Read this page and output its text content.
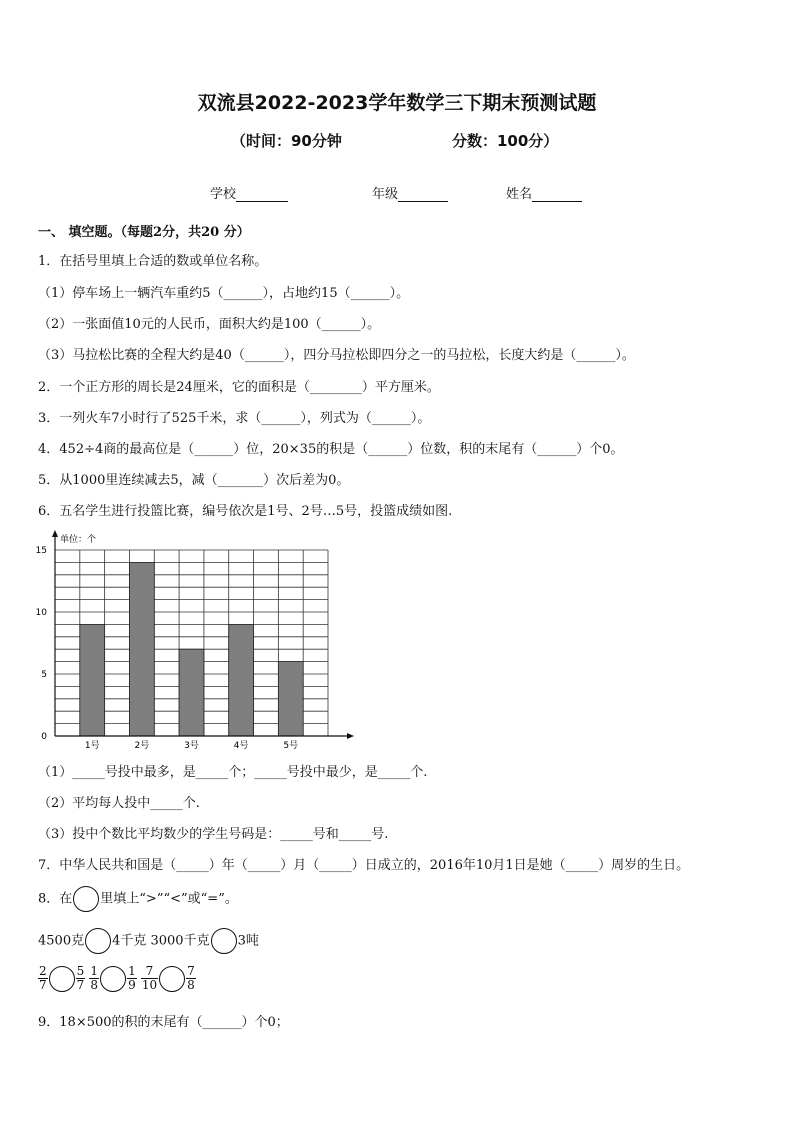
双流县2022-2023学年数学三下期末预测试题
（时间：90分钟	分数：100分）
学校	年级	姓名
一、 填空题。（每题2分，共20 分）
1．在括号里填上合适的数或单位名称。
（1）停车场上一辆汽车重约5（______），占地约15（______）。
（2）一张面值10元的人民币，面积大约是100（______）。
（3）马拉松比赛的全程大约是40（______），四分马拉松即四分之一的马拉松，长度大约是（______）。
2．一个正方形的周长是24厘米，它的面积是（________）平方厘米。
3．一列火车7小时行了525千米，求（______），列式为（______）。
4．452÷4商的最高位是（______）位，20×35的积是（______）位数，积的末尾有（______）个0。
5．从1000里连续减去5，减（_______）次后差为0。
6．五名学生进行投篮比赛，编号依次是1号、2号…5号，投篮成绩如图.
1号	2号	3号	4号	5号
0
5
10
15
单位：个
（1）_____号投中最多，是_____个；_____号投中最少，是_____个.
（2）平均每人投中_____个.
（3）投中个数比平均数少的学生号码是：_____号和_____号.
7．中华人民共和国是（_____）年（_____）月（_____）日成立的，2016年10月1日是她（_____）周岁的生日。
8．在 里填上“>”“<”或“=”。
4500克 4千克 3000千克 3吨
$\frac{2}{7} \frac{5}{7}$
$\frac{1}{8} \frac{1}{9}$
$\frac{7}{10} \frac{7}{8}$
9．18×500的积的末尾有（______）个0；
